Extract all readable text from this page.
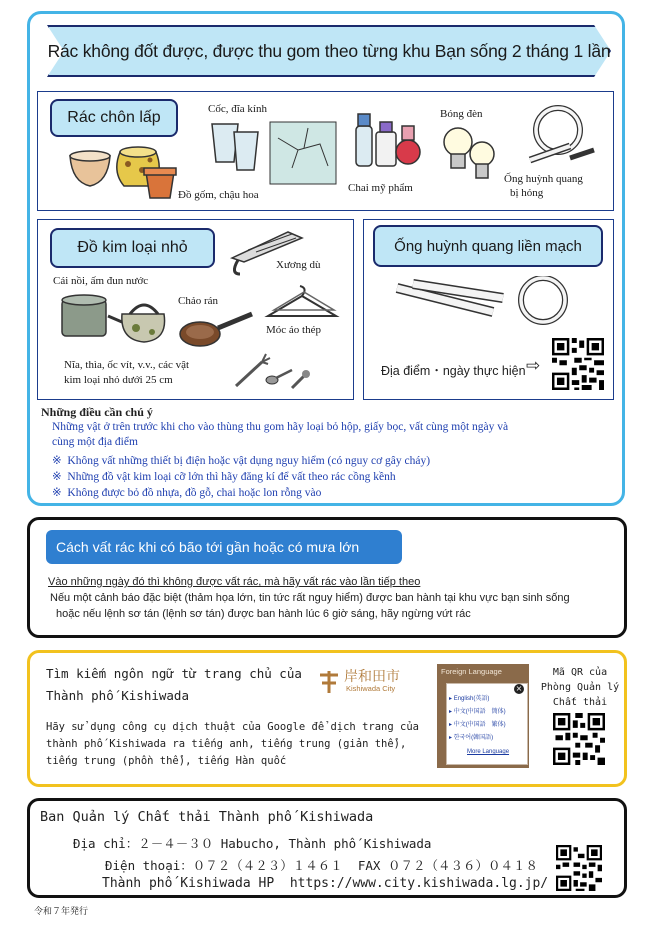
Rác không đốt được, được thu gom theo từng khu Bạn sống 2 tháng 1 lần
Rác chôn lấp
Đồ gốm, chậu hoa
Cốc, đĩa kính
Chai mỹ phẩm
Bóng đèn
Ống huỳnh quang
bị hỏng
Đồ kim loại nhỏ
Cái nồi, ấm đun nước
Xương dù
Chảo rán
Móc áo thép
Nĩa, thìa, ốc vít, v.v., các vật
kim loại nhỏ dưới 25 cm
Ống huỳnh quang liền mạch
Địa điểm・ngày thực hiện ⇨
Những điều cần chú ý
Những vật ở trên trước khi cho vào thùng thu gom hãy loại bỏ hộp, giấy bọc, vất cùng một ngày và
cùng một địa điểm
※ Không vất những thiết bị điện hoặc vật dụng nguy hiểm (có nguy cơ gây cháy)
※ Những đồ vật kim loại cỡ lớn thì hãy đăng kí để vất theo rác cồng kềnh
※ Không được bỏ đồ nhựa, đồ gỗ, chai hoặc lon rỗng vào
Cách vất rác khi có bão tới gần hoặc có mưa lớn
Vào những ngày đó thì không được vất rác, mà hãy vất rác vào lần tiếp theo
Nếu một cảnh báo đặc biệt (thảm họa lớn, tin tức rất nguy hiểm) được ban hành tại khu vực bạn sinh sống
hoặc nếu lệnh sơ tán (lệnh sơ tán) được ban hành lúc 6 giờ sáng, hãy ngừng vứt rác
Tìm kiếm ngôn ngữ từ trang chủ của
Thành phố Kishiwada
Hãy sử dụng công cụ dịch thuật của Google để dịch trang của
thành phố Kishiwada ra tiếng anh, tiếng trung (giản thể),
tiếng trung (phồn thể), tiếng Hàn quốc
岸和田市
Kishiwada City
Foreign Language
×
▸ English(英語)
▸ 中文(中国語　簡体)
▸ 中文(中国語　繁体)
▸ 한국어(韓国語)
More Language
Mã QR của
Phòng Quản lý
Chất thải
Ban Quản lý Chất thải Thành phố Kishiwada
Địa chỉ：２－４－３０ Habucho, Thành phố Kishiwada
Điện thoại：０７２（４２３）１４６１ FAX ０７２（４３６）０４１８
Thành phố Kishiwada HP https://www.city.kishiwada.lg.jp/
令和７年発行
